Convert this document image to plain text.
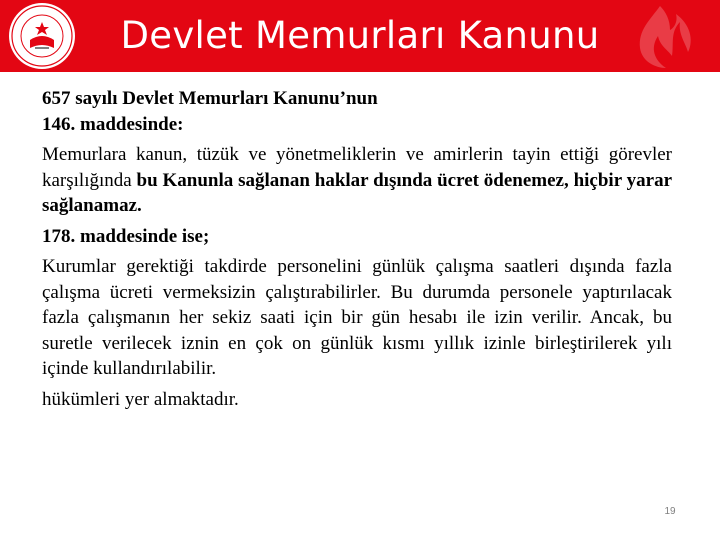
Devlet Memurları Kanunu

657 sayılı Devlet Memurları Kanunu’nun

146. maddesinde:

Memurlara kanun, tüzük ve yönetmeliklerin ve amirlerin tayin ettiği görevler karşılığında bu Kanunla sağlanan haklar dışında ücret ödenemez, hiçbir yarar sağlanamaz.

178. maddesinde ise;

Kurumlar gerektiği takdirde personelini günlük çalışma saatleri dışında fazla çalışma ücreti vermeksizin çalıştırabilirler. Bu durumda personele yaptırılacak fazla çalışmanın her sekiz saati için bir gün hesabı ile izin verilir. Ancak, bu suretle verilecek iznin en çok on günlük kısmı yıllık izinle birleştirilerek yılı içinde kullandırılabilir.

hükümleri yer almaktadır.

19
